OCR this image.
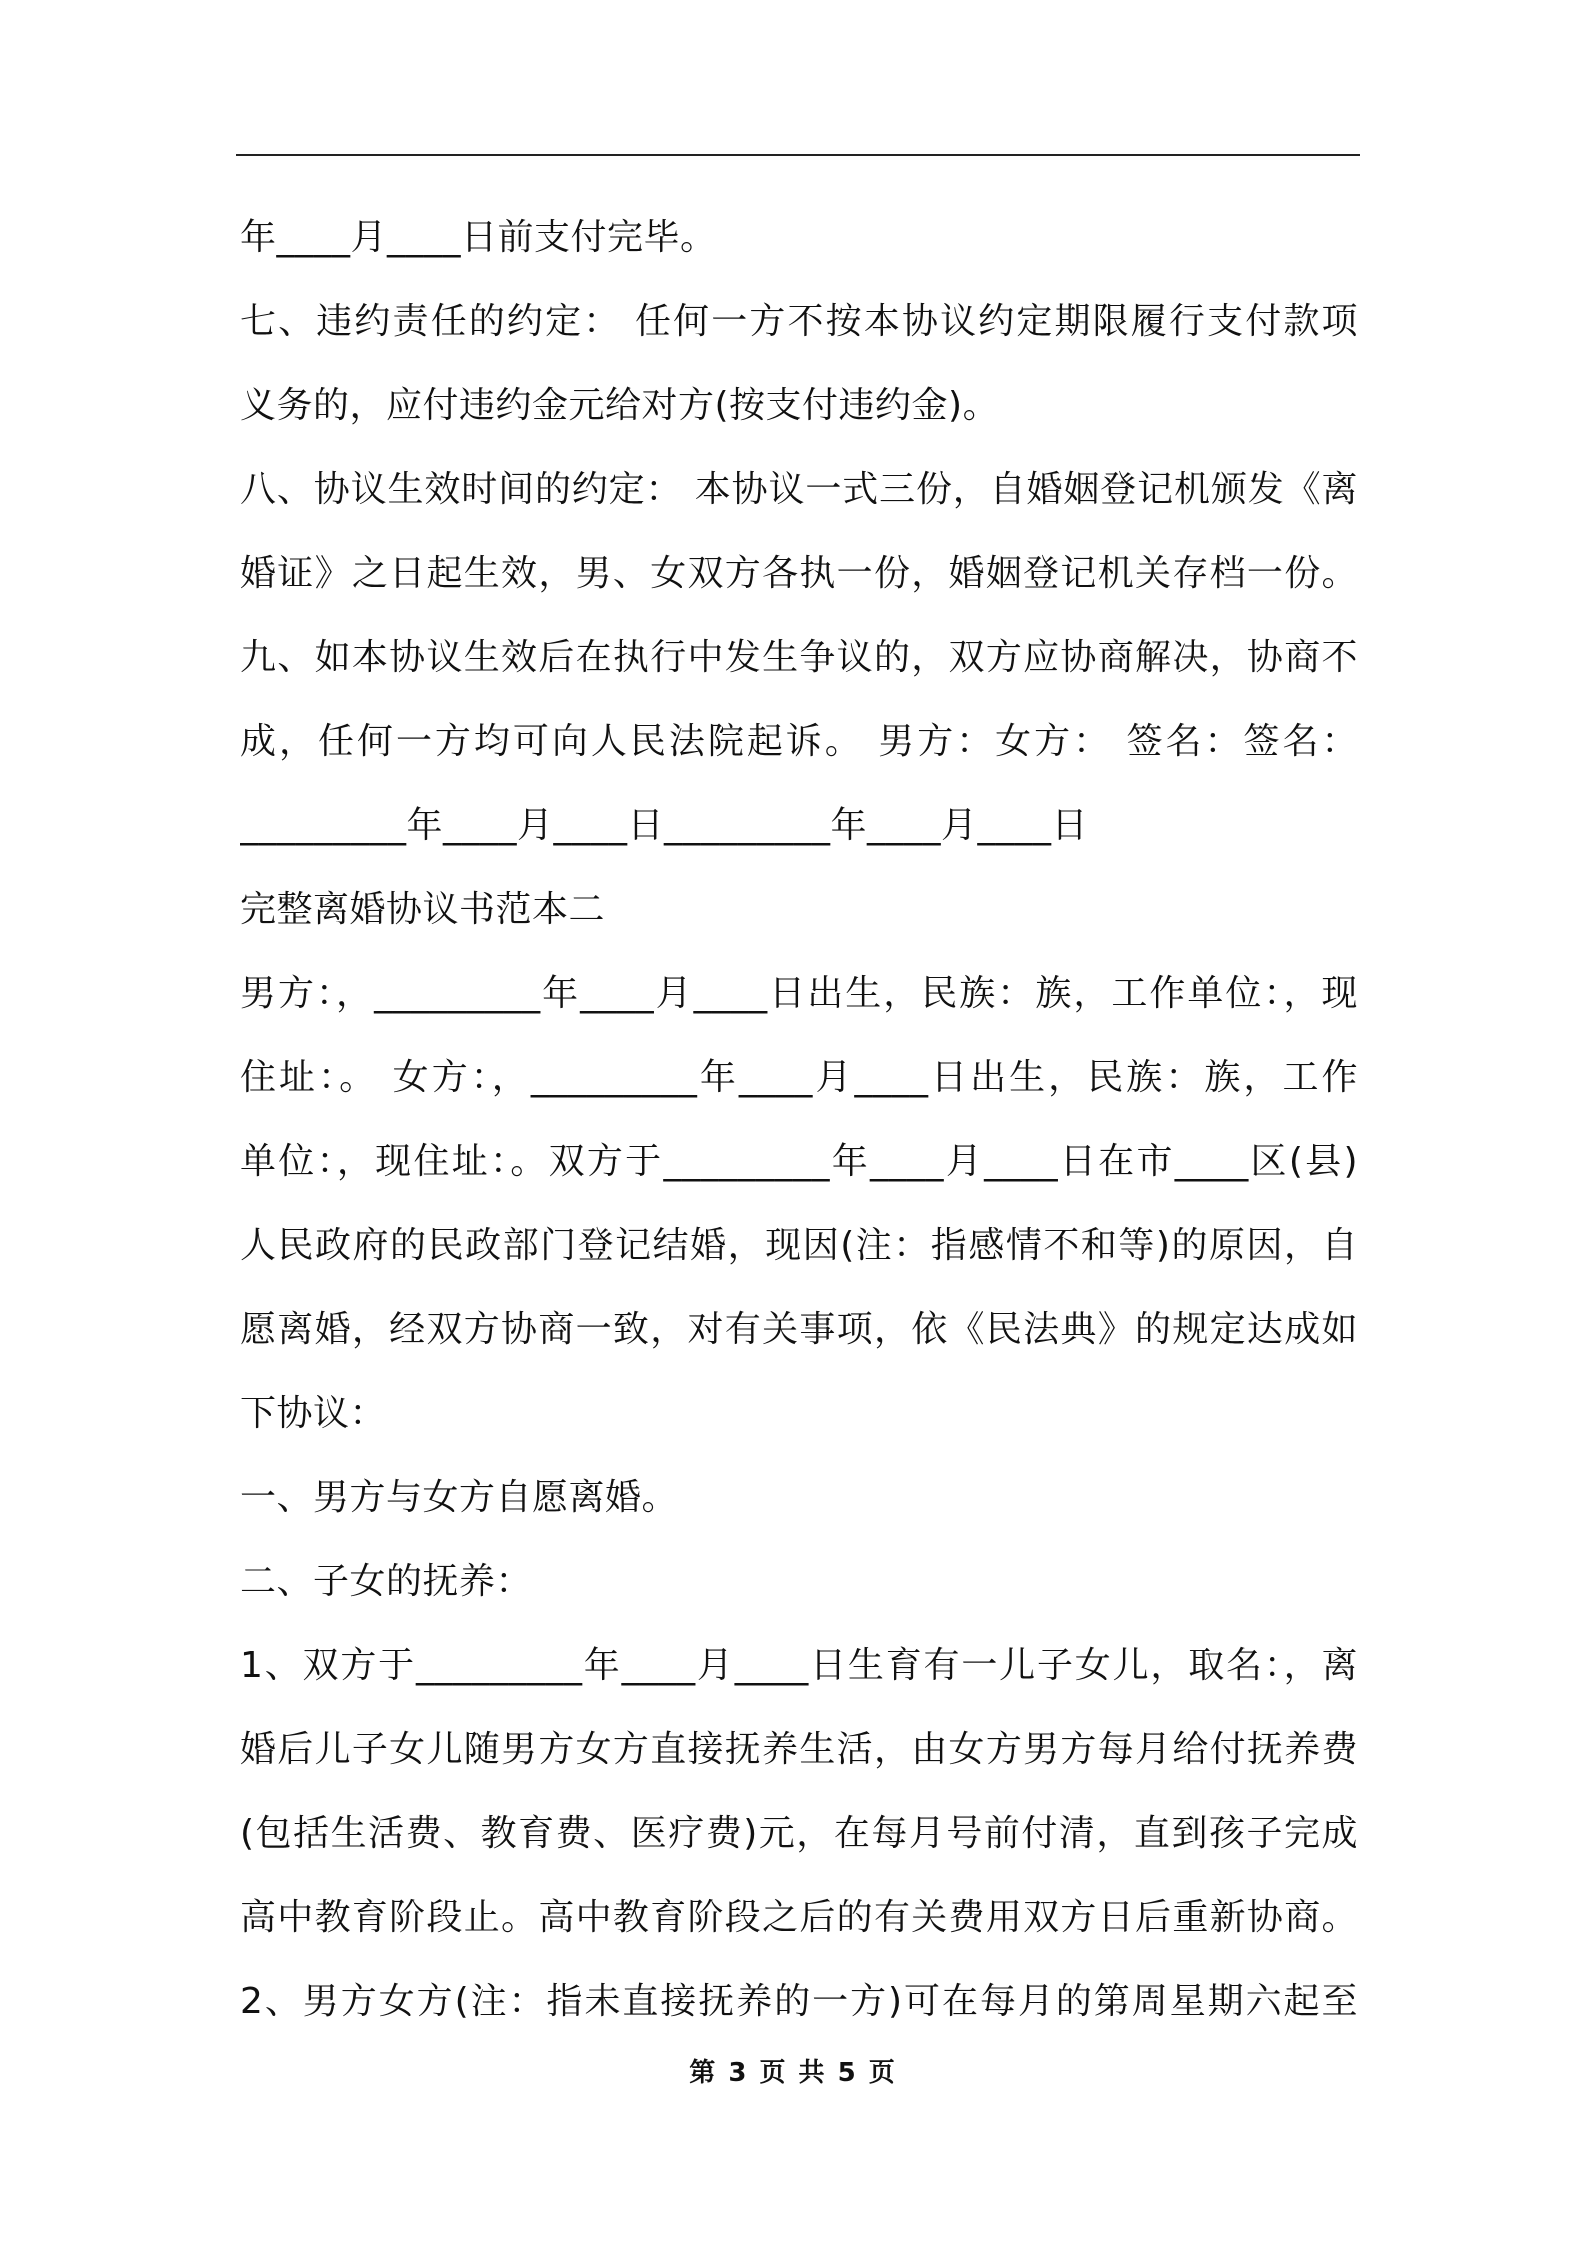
年____月____日前支付完毕。
七、违约责任的约定： 任何一方不按本协议约定期限履行支付款项
义务的，应付违约金元给对方(按支付违约金)。
八、协议生效时间的约定： 本协议一式三份，自婚姻登记机颁发《离
婚证》之日起生效，男、女双方各执一份，婚姻登记机关存档一份。
九、如本协议生效后在执行中发生争议的，双方应协商解决，协商不
成，任何一方均可向人民法院起诉。 男方：女方： 签名：签名：
_________年____月____日_________年____月____日
完整离婚协议书范本二
男方：，_________年____月____日出生，民族：族，工作单位：，现
住址：。 女方：，_________年____月____日出生，民族：族，工作
单位：，现住址：。双方于_________年____月____日在市____区(县)
人民政府的民政部门登记结婚，现因(注：指感情不和等)的原因，自
愿离婚，经双方协商一致，对有关事项，依《民法典》的规定达成如
下协议：
一、男方与女方自愿离婚。
二、子女的抚养：
1、双方于_________年____月____日生育有一儿子女儿，取名：，离
婚后儿子女儿随男方女方直接抚养生活，由女方男方每月给付抚养费
(包括生活费、教育费、医疗费)元，在每月号前付清，直到孩子完成
高中教育阶段止。高中教育阶段之后的有关费用双方日后重新协商。
2、男方女方(注：指未直接抚养的一方)可在每月的第周星期六起至
第 3 页 共 5 页
